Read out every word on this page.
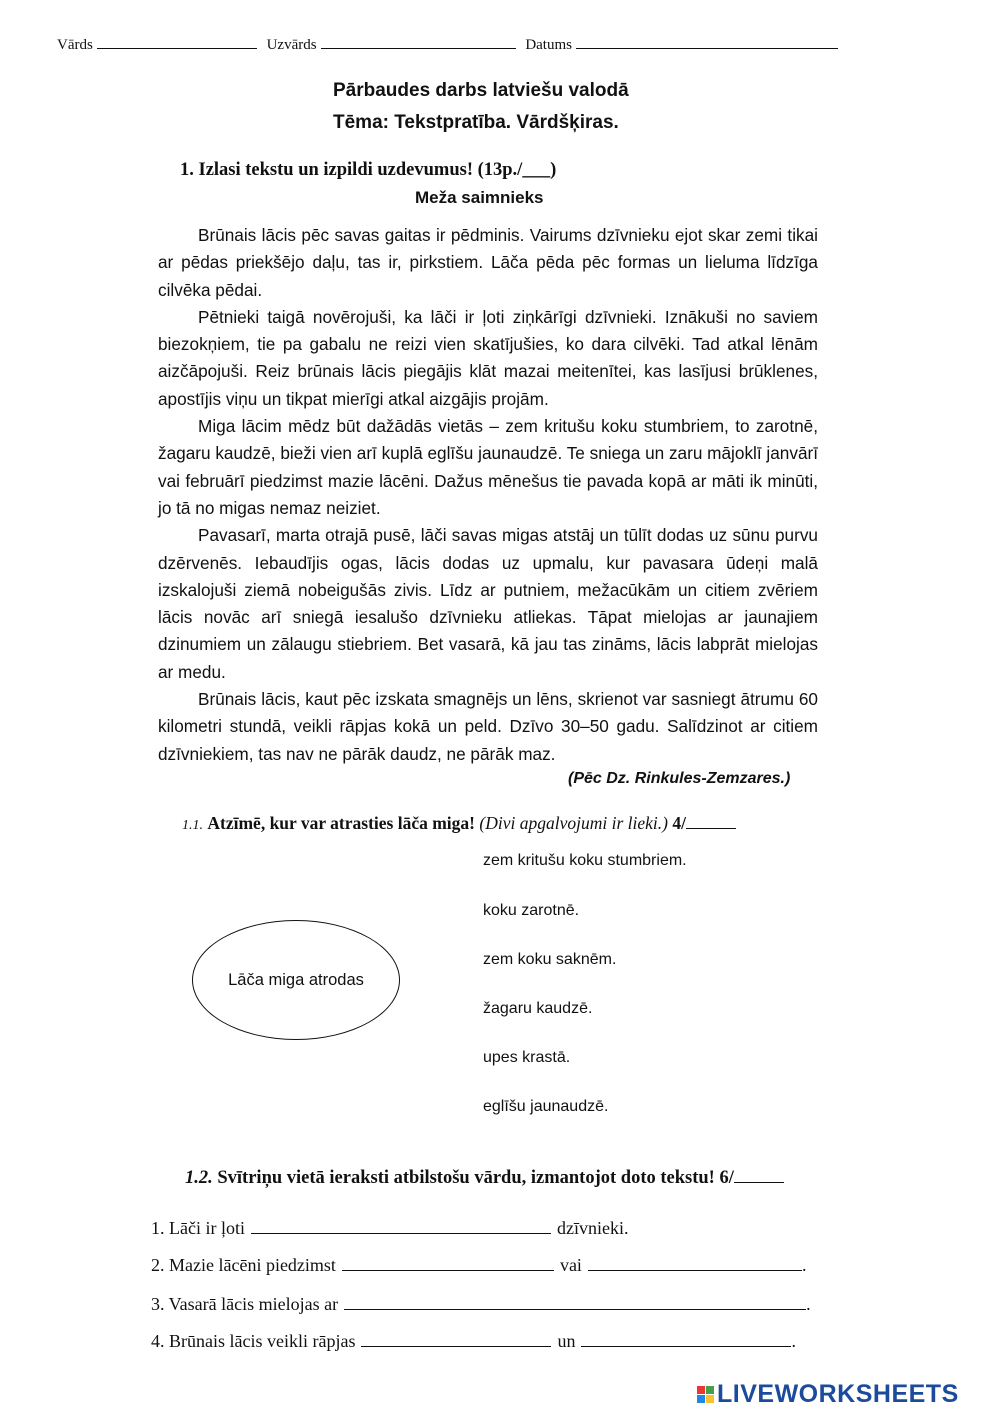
Vārds	Uzvārds	Datums
Pārbaudes darbs latviešu valodā
Tēma: Tekstpratība. Vārdšķiras.
1. Izlasi tekstu un izpildi uzdevumus! (13p./___)
Meža saimnieks

Brūnais lācis pēc savas gaitas ir pēdminis. Vairums dzīvnieku ejot skar zemi tikai ar pēdas priekšējo daļu, tas ir, pirkstiem. Lāča pēda pēc formas un lieluma līdzīga cilvēka pēdai.

Pētnieki taigā novērojuši, ka lāči ir ļoti ziņkārīgi dzīvnieki. Iznākuši no saviem biezokņiem, tie pa gabalu ne reizi vien skatījušies, ko dara cilvēki. Tad atkal lēnām aizčāpojuši. Reiz brūnais lācis piegājis klāt mazai meitenītei, kas lasījusi brūklenes, apostījis viņu un tikpat mierīgi atkal aizgājis projām.

Miga lācim mēdz būt dažādās vietās – zem kritušu koku stumbriem, to zarotnē, žagaru kaudzē, bieži vien arī kuplā eglīšu jaunaudzē. Te sniega un zaru mājoklī janvārī vai februārī piedzimst mazie lācēni. Dažus mēnešus tie pavada kopā ar māti ik minūti, jo tā no migas nemaz neiziet.

Pavasarī, marta otrajā pusē, lāči savas migas atstāj un tūlīt dodas uz sūnu purvu dzērvenēs. Iebaudījis ogas, lācis dodas uz upmalu, kur pavasara ūdeņi malā izskalojuši ziemā nobeigušās zivis. Līdz ar putniem, mežacūkām un citiem zvēriem lācis novāc arī sniegā iesalušo dzīvnieku atliekas. Tāpat mielojas ar jaunajiem dzinumiem un zālaugu stiebriem. Bet vasarā, kā jau tas zināms, lācis labprāt mielojas ar medu.

Brūnais lācis, kaut pēc izskata smagnējs un lēns, skrienot var sasniegt ātrumu 60 kilometri stundā, veikli rāpjas kokā un peld. Dzīvo 30–50 gadu. Salīdzinot ar citiem dzīvniekiem, tas nav ne pārāk daudz, ne pārāk maz.

(Pēc Dz. Rinkules-Zemzares.)
1.1. Atzīmē, kur var atrasties lāča miga! (Divi apgalvojumi ir lieki.) 4/
Lāča miga atrodas
zem kritušu koku stumbriem.
koku zarotnē.
zem koku saknēm.
žagaru kaudzē.
upes krastā.
eglīšu jaunaudzē.
1.2. Svītriņu vietā ieraksti atbilstošu vārdu, izmantojot doto tekstu! 6/
1. Lāči ir ļoti	dzīvnieki.
2. Mazie lācēni piedzimst	vai	.
3. Vasarā lācis mielojas ar	.
4. Brūnais lācis veikli rāpjas	un	.
LIVEWORKSHEETS
